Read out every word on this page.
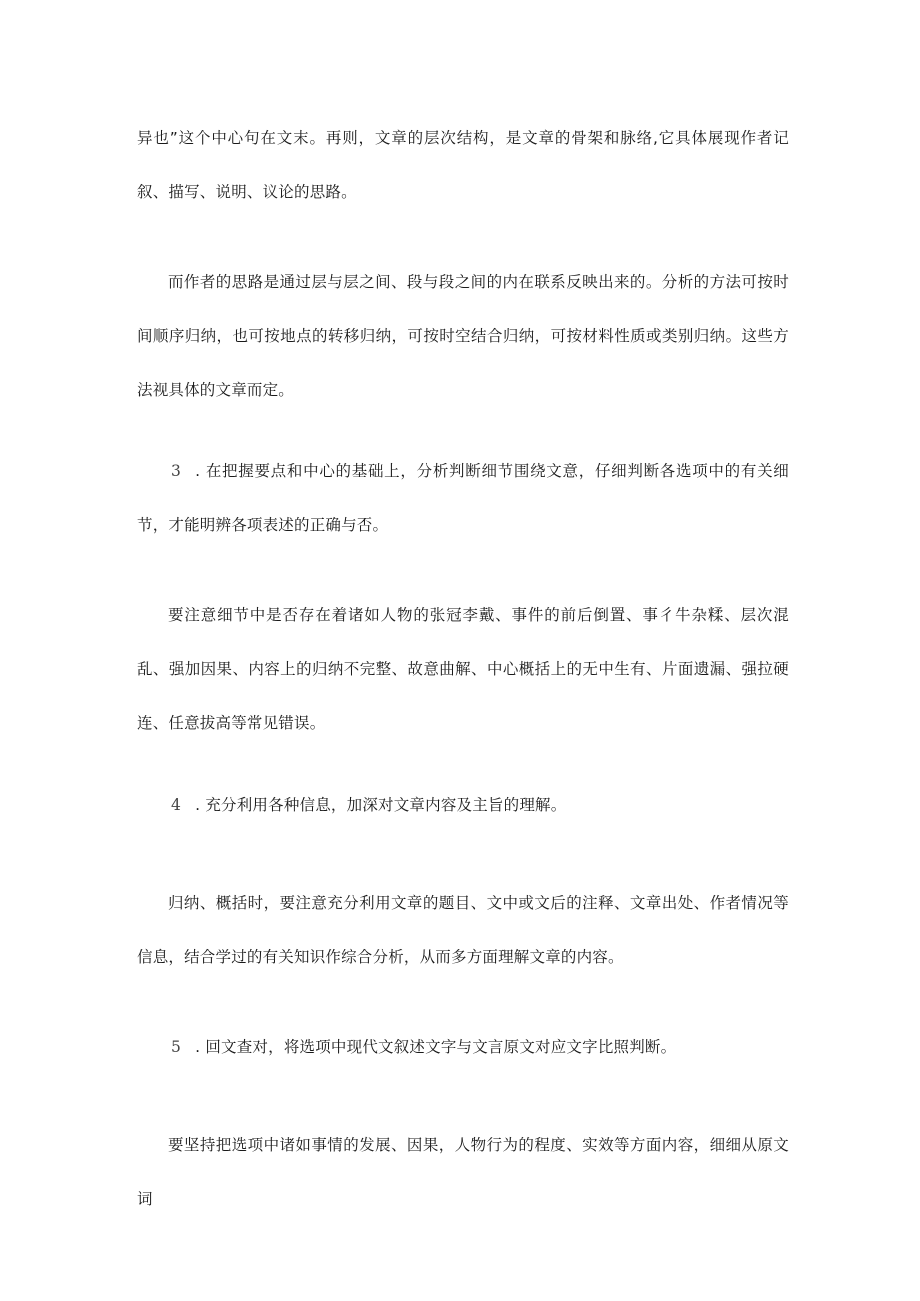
异也”这个中心句在文末。再则，文章的层次结构，是文章的骨架和脉络,它具体展现作者记叙、描写、说明、议论的思路。

而作者的思路是通过层与层之间、段与段之间的内在联系反映出来的。分析的方法可按时间顺序归纳，也可按地点的转移归纳，可按时空结合归纳，可按材料性质或类别归纳。这些方法视具体的文章而定。

3 . 在把握要点和中心的基础上，分析判断细节围绕文意，仔细判断各选项中的有关细节，才能明辨各项表述的正确与否。

要注意细节中是否存在着诸如人物的张冠李戴、事件的前后倒置、事彳牛杂糅、层次混乱、强加因果、内容上的归纳不完整、故意曲解、中心概括上的无中生有、片面遗漏、强拉硬连、任意拔高等常见错误。

4 . 充分利用各种信息，加深对文章内容及主旨的理解。

归纳、概括时，要注意充分利用文章的题目、文中或文后的注释、文章出处、作者情况等信息，结合学过的有关知识作综合分析，从而多方面理解文章的内容。

5 . 回文查对，将选项中现代文叙述文字与文言原文对应文字比照判断。

要坚持把选项中诸如事情的发展、因果，人物行为的程度、实效等方面内容，细细从原文词
